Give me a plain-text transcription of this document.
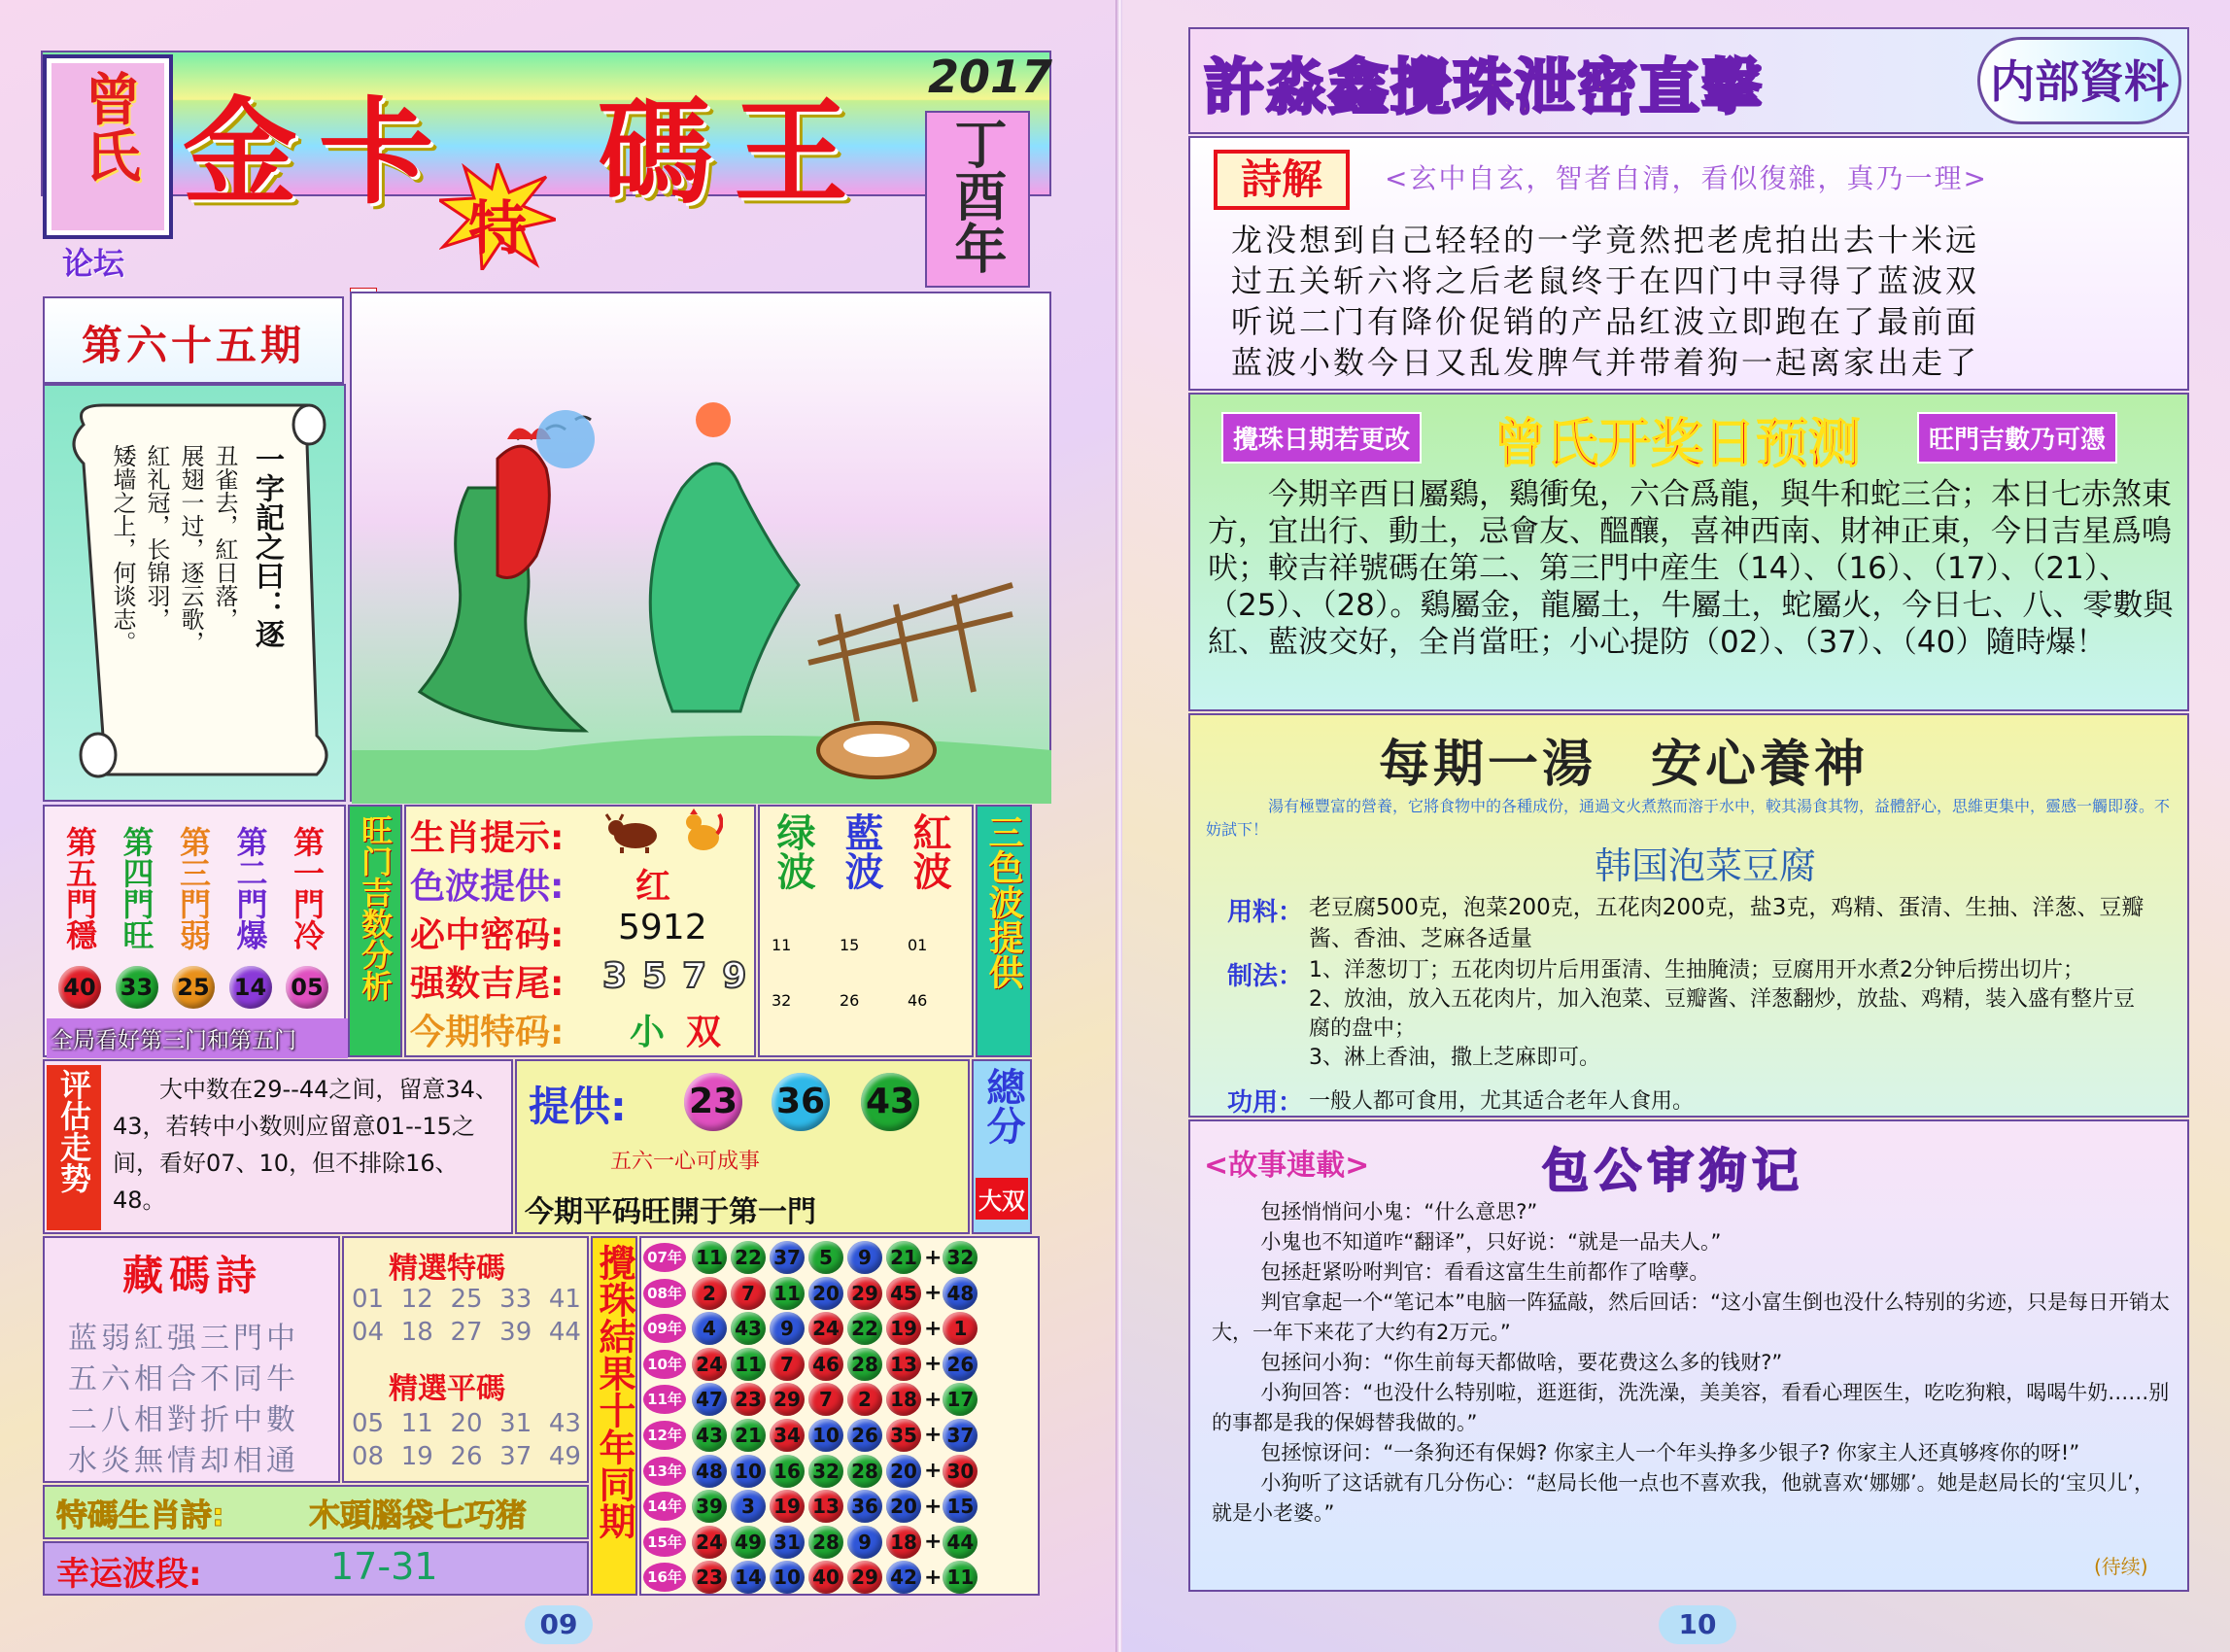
曾氏
论坛
金卡
特
碼王
2017
丁酉年
第六十五期
一字記之曰：逐
丑雀去，紅日落，
展翅一过，逐云歌，
紅礼冠，长锦羽，
矮墙之上，何谈志。
第五門穩
40
第四門旺
33
第三門弱
25
第二門爆
14
第一門冷
05
全局看好第三门和第五门
旺门吉数分析 生肖提示:
色波提供: 红
必中密码: 5912
强数吉尾: 3 5 7 9
今期特码: 小 双
绿波 藍波 紅波
11	15	01
32	26	46
三色波提供
评估走势	大中数在29--44之间，留意34、43，若转中小数则应留意01--15之间，看好07、10，但不排除16、48。
提供: 23 36 43
五六一心可成事
今期平码旺開于第一門
總分
大双
藏碼詩
蓝弱紅强三門中
五六相合不同牛
二八相對折中數
水炎無情却相通
精選特碼
01 12 25 33 41
04 18 27 39 44
精選平碼
05 11 20 31 43
08 19 26 37 49
特碼生肖詩:	木頭腦袋七巧猪
幸运波段:	17-31
攪珠結果十年同期 07年 11 22 37 5	9 21 + 32
08年	2	7 11 20 29 45 + 48
09年	4 43 9 24 22 19 + 1
10年 24 11 7 46 28 13 + 26
11年 47 23 29 7	2 18 + 17
12年 43 21 34 10 26 35 + 37
13年 48 10 16 32 28 20 + 30
14年 39 3 19 13 36 20 + 15
15年 24 49 31 28 9 18 + 44
16年 23 14 10 40 29 42 + 11
09
許淼鑫攪珠泄密直擊	内部資料
詩解	<玄中自玄，智者自清，看似復雜，真乃一理>
龙没想到自己轻轻的一学竟然把老虎拍出去十米远
过五关斩六将之后老鼠终于在四门中寻得了蓝波双
听说二门有降价促销的产品红波立即跑在了最前面
蓝波小数今日又乱发脾气并带着狗一起离家出走了
攪珠日期若更改 曾氏开奖日预测	旺門吉數乃可憑
今期辛酉日屬鷄，鷄衝兔，六合爲龍，與牛和蛇三合；本日七赤煞東方，宜出行、動土，忌會友、醞釀，喜神西南、財神正東，今日吉星爲鳴吠；較吉祥號碼在第二、第三門中産生（14）、（16）、（17）、（21）、（25）、（28）。鷄屬金，龍屬土，牛屬土，蛇屬火，今日七、八、零數與紅、藍波交好，全肖當旺；小心提防（02）、（37）、（40）隨時爆！
每期一湯　安心養神
湯有極豐富的營養，它將食物中的各種成份，通過文火煮熬而溶于水中，較其湯食其物，益體舒心，思維更集中，靈感一觸即發。不妨試下！
韩国泡菜豆腐
用料： 老豆腐500克，泡菜200克，五花肉200克，盐3克，鸡精、蛋清、生抽、洋葱、豆瓣酱、香油、芝麻各适量
制法： 1、洋葱切丁；五花肉切片后用蛋清、生抽腌渍；豆腐用开水煮2分钟后捞出切片；
2、放油，放入五花肉片，加入泡菜、豆瓣酱、洋葱翻炒，放盐、鸡精，装入盛有整片豆腐的盘中；
3、淋上香油，撒上芝麻即可。
功用： 一般人都可食用，尤其适合老年人食用。
<故事連載>	包公审狗记

包拯悄悄问小鬼：“什么意思?”

小鬼也不知道咋“翻译”，只好说：“就是一品夫人。”

包拯赶紧吩咐判官：看看这富生生前都作了啥孽。

判官拿起一个“笔记本”电脑一阵猛敲，然后回话：“这小富生倒也没什么特别的劣迹，只是每日开销太大，一年下来花了大约有2万元。”

包拯问小狗：“你生前每天都做啥，要花费这么多的钱财?”

小狗回答：“也没什么特别啦，逛逛街，洗洗澡，美美容，看看心理医生，吃吃狗粮，喝喝牛奶……别的事都是我的保姆替我做的。”

包拯惊讶问：“一条狗还有保姆? 你家主人一个年头挣多少银子? 你家主人还真够疼你的呀!”

小狗听了这话就有几分伤心：“赵局长他一点也不喜欢我，他就喜欢‘娜娜’。她是赵局长的‘宝贝儿’，就是小老婆。”

(待续)
10
